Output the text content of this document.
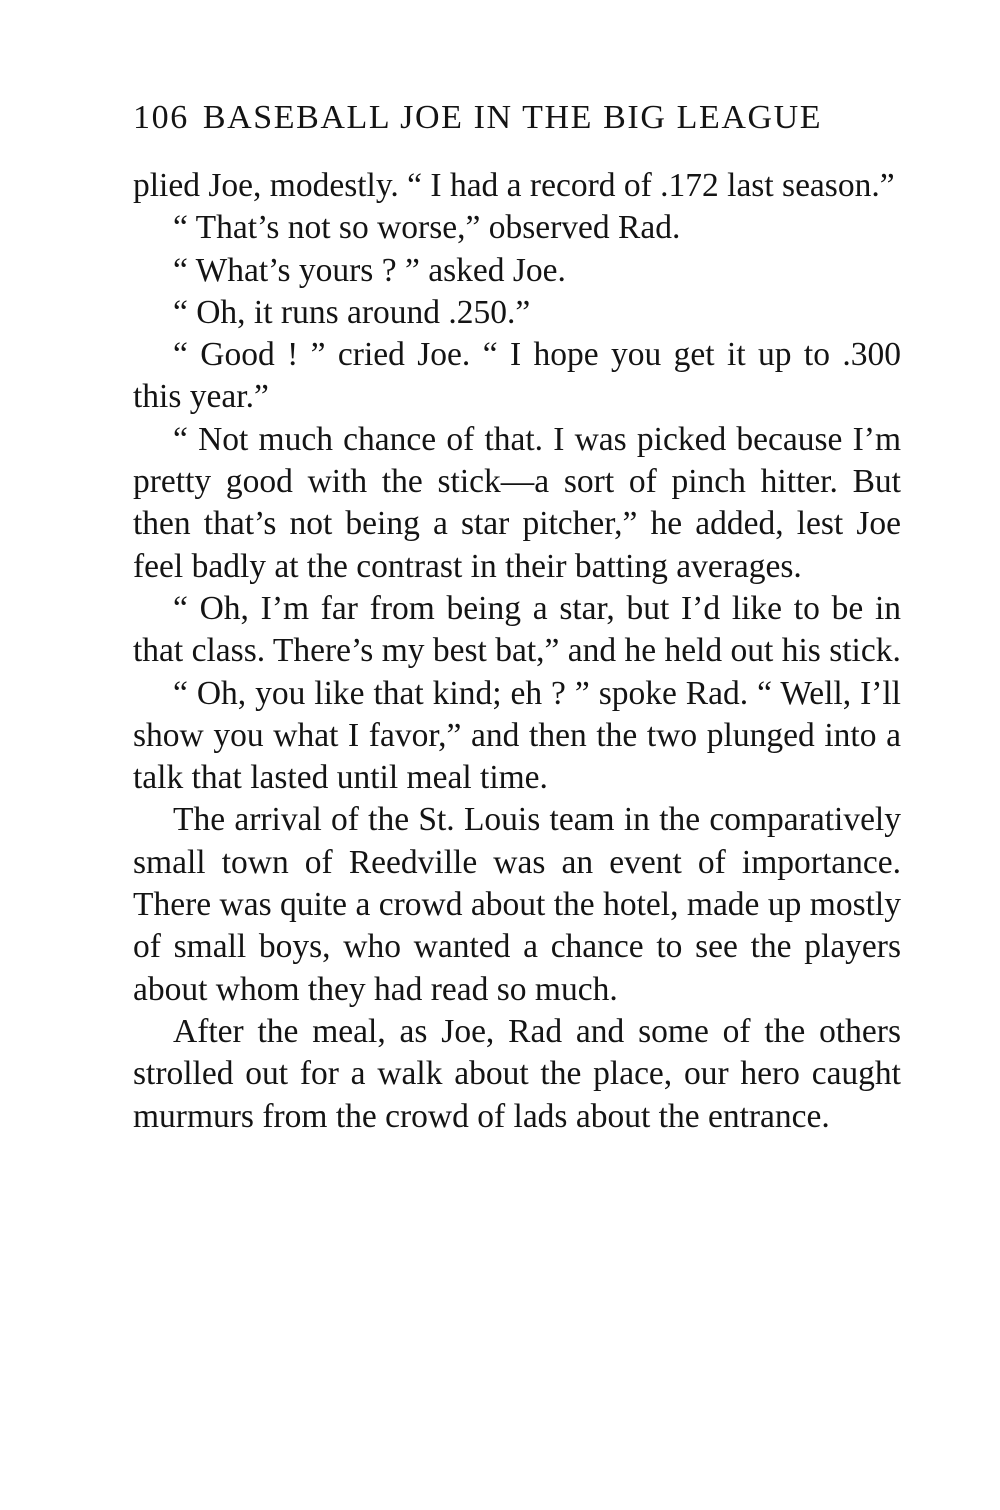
106 BASEBALL JOE IN THE BIG LEAGUE

plied Joe, modestly. “ I had a record of .172 last season.”

“ That’s not so worse,” observed Rad.

“ What’s yours ? ” asked Joe.

“ Oh, it runs around .250.”

“ Good ! ” cried Joe. “ I hope you get it up to .300 this year.”

“ Not much chance of that. I was picked because I’m pretty good with the stick—a sort of pinch hitter. But then that’s not being a star pitcher,” he added, lest Joe feel badly at the contrast in their batting averages.

“ Oh, I’m far from being a star, but I’d like to be in that class. There’s my best bat,” and he held out his stick.

“ Oh, you like that kind; eh ? ” spoke Rad. “ Well, I’ll show you what I favor,” and then the two plunged into a talk that lasted until meal time.

The arrival of the St. Louis team in the comparatively small town of Reedville was an event of importance. There was quite a crowd about the hotel, made up mostly of small boys, who wanted a chance to see the players about whom they had read so much.

After the meal, as Joe, Rad and some of the others strolled out for a walk about the place, our hero caught murmurs from the crowd of lads about the entrance.
